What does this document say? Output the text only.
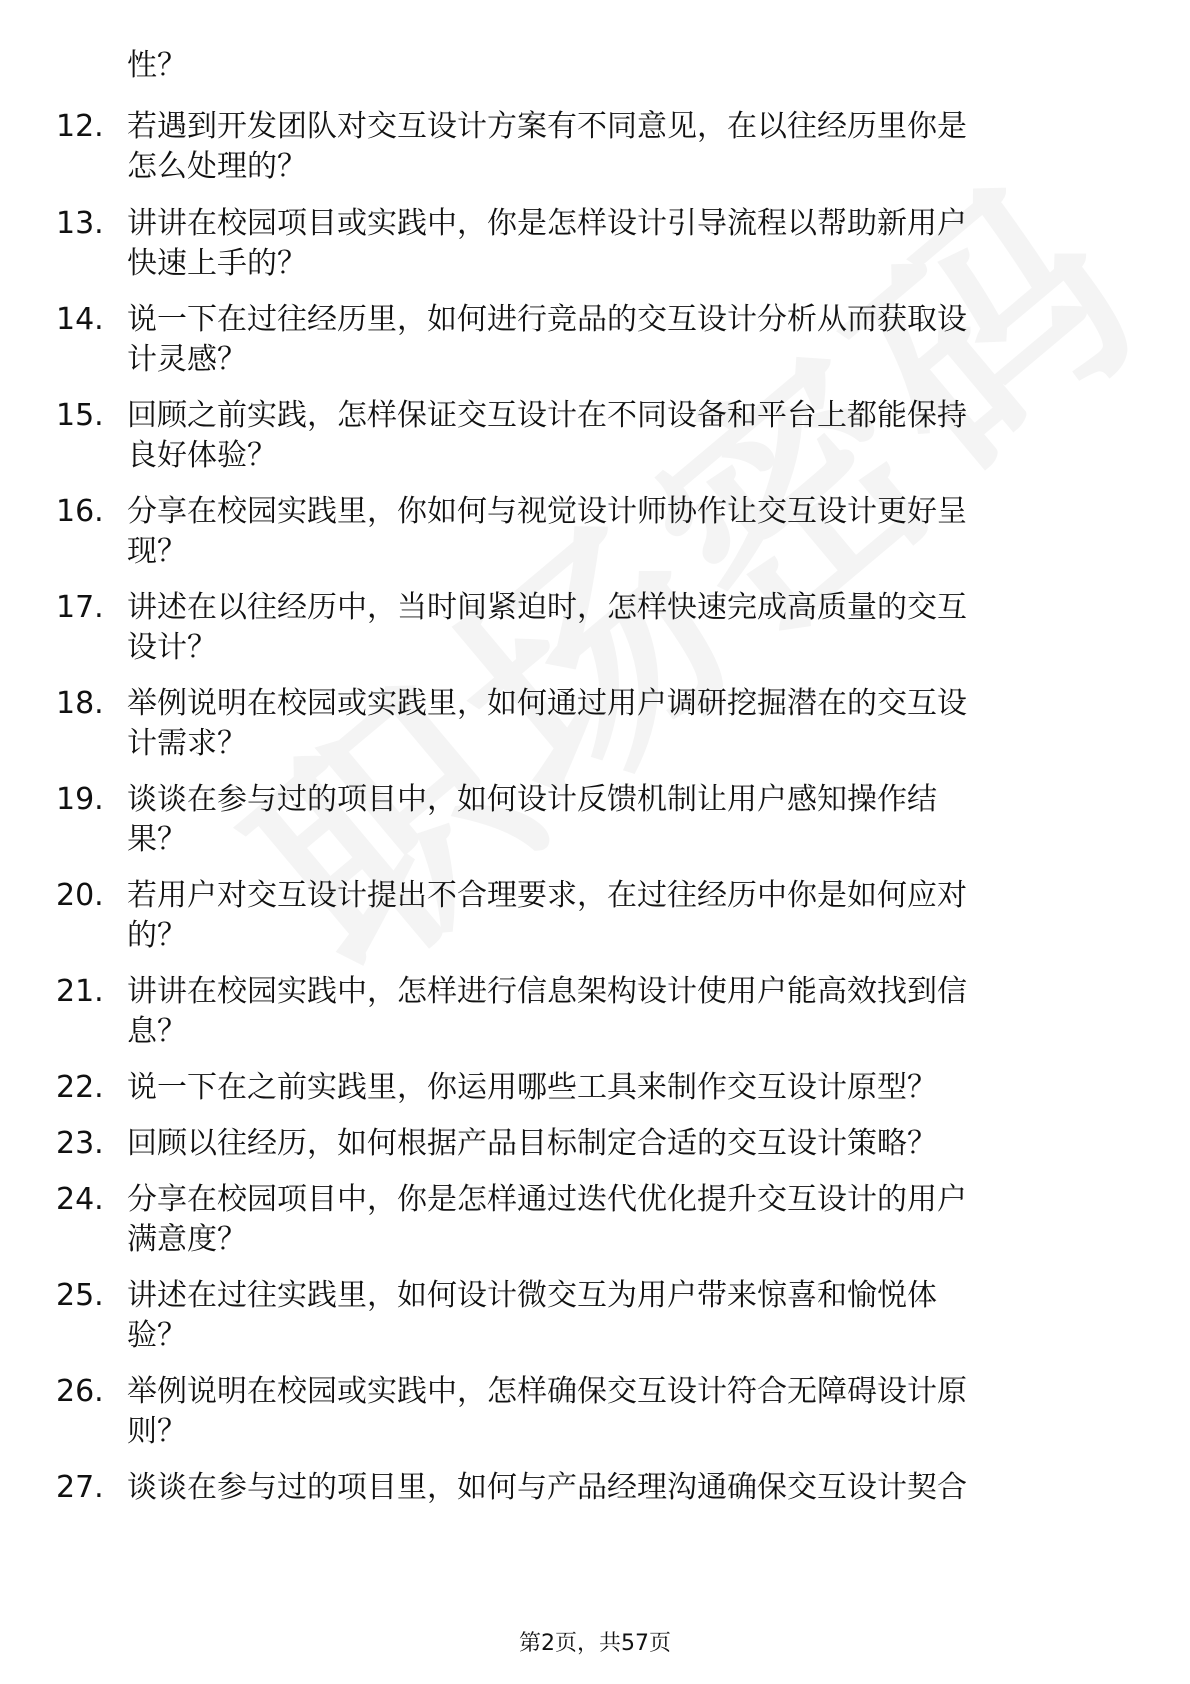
性？
12. 若遇到开发团队对交互设计方案有不同意见，在以往经历里你是
怎么处理的？
13. 讲讲在校园项目或实践中，你是怎样设计引导流程以帮助新用户
快速上手的？
14. 说一下在过往经历里，如何进行竞品的交互设计分析从而获取设
计灵感？
15. 回顾之前实践，怎样保证交互设计在不同设备和平台上都能保持
良好体验？
16. 分享在校园实践里，你如何与视觉设计师协作让交互设计更好呈
现？
17. 讲述在以往经历中，当时间紧迫时，怎样快速完成高质量的交互
设计？
18. 举例说明在校园或实践里，如何通过用户调研挖掘潜在的交互设
计需求？
19. 谈谈在参与过的项目中，如何设计反馈机制让用户感知操作结
果？
20. 若用户对交互设计提出不合理要求，在过往经历中你是如何应对
的？
21. 讲讲在校园实践中，怎样进行信息架构设计使用户能高效找到信
息？
22. 说一下在之前实践里，你运用哪些工具来制作交互设计原型？
23. 回顾以往经历，如何根据产品目标制定合适的交互设计策略？
24. 分享在校园项目中，你是怎样通过迭代优化提升交互设计的用户
满意度？
25. 讲述在过往实践里，如何设计微交互为用户带来惊喜和愉悦体
验？
26. 举例说明在校园或实践中，怎样确保交互设计符合无障碍设计原
则？
27. 谈谈在参与过的项目里，如何与产品经理沟通确保交互设计契合
第2页，共57页
